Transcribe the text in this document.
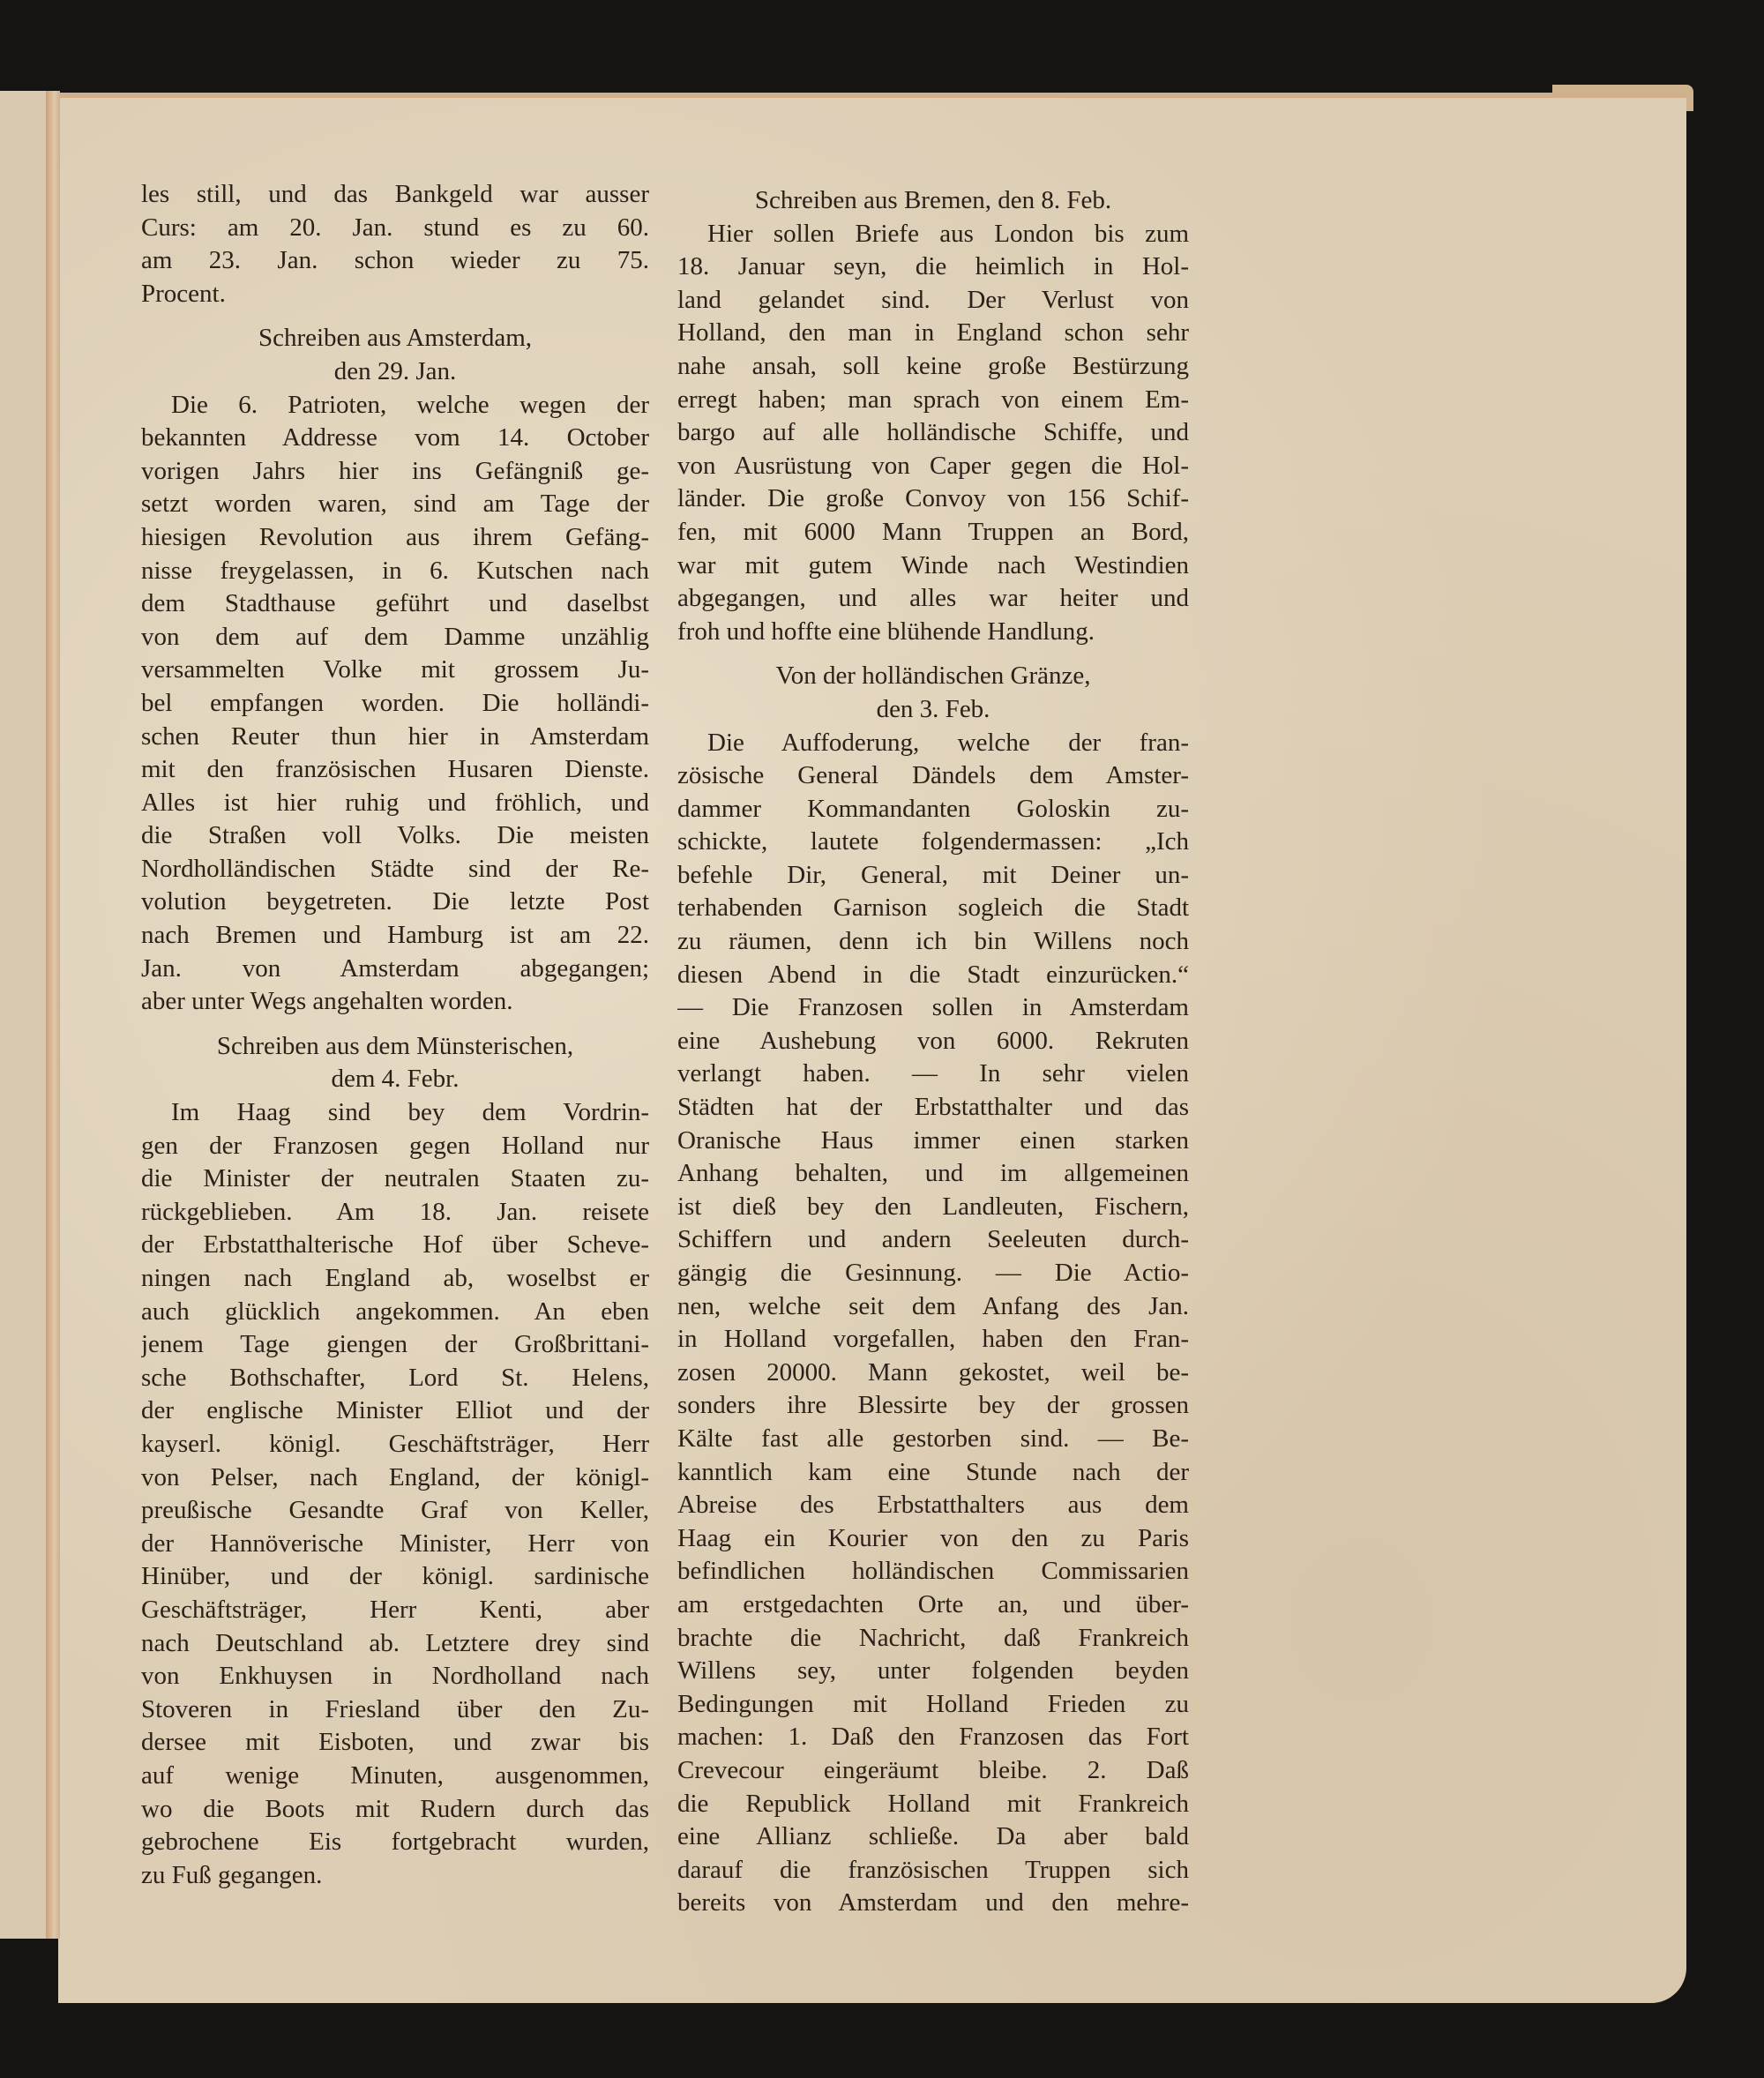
les still, und das Bankgeld war ausser
Curs: am 20. Jan. stund es zu 60.
am 23. Jan. schon wieder zu 75.
Procent.
Schreiben aus Amsterdam,
den 29. Jan.
Die 6. Patrioten, welche wegen der
bekannten Addresse vom 14. October
vorigen Jahrs hier ins Gefängniß ge-
setzt worden waren, sind am Tage der
hiesigen Revolution aus ihrem Gefäng-
nisse freygelassen, in 6. Kutschen nach
dem Stadthause geführt und daselbst
von dem auf dem Damme unzählig
versammelten Volke mit grossem Ju-
bel empfangen worden. Die holländi-
schen Reuter thun hier in Amsterdam
mit den französischen Husaren Dienste.
Alles ist hier ruhig und fröhlich, und
die Straßen voll Volks. Die meisten
Nordholländischen Städte sind der Re-
volution beygetreten. Die letzte Post
nach Bremen und Hamburg ist am 22.
Jan. von Amsterdam abgegangen;
aber unter Wegs angehalten worden.
Schreiben aus dem Münsterischen,
dem 4. Febr.
Im Haag sind bey dem Vordrin-
gen der Franzosen gegen Holland nur
die Minister der neutralen Staaten zu-
rückgeblieben. Am 18. Jan. reisete
der Erbstatthalterische Hof über Scheve-
ningen nach England ab, woselbst er
auch glücklich angekommen. An eben
jenem Tage giengen der Großbrittani-
sche Bothschafter, Lord St. Helens,
der englische Minister Elliot und der
kayserl. königl. Geschäftsträger, Herr
von Pelser, nach England, der königl-
preußische Gesandte Graf von Keller,
der Hannöverische Minister, Herr von
Hinüber, und der königl. sardinische
Geschäftsträger, Herr Kenti, aber
nach Deutschland ab. Letztere drey sind
von Enkhuysen in Nordholland nach
Stoveren in Friesland über den Zu-
dersee mit Eisboten, und zwar bis
auf wenige Minuten, ausgenommen,
wo die Boots mit Rudern durch das
gebrochene Eis fortgebracht wurden,
zu Fuß gegangen.
Schreiben aus Bremen, den 8. Feb.
Hier sollen Briefe aus London bis zum
18. Januar seyn, die heimlich in Hol-
land gelandet sind. Der Verlust von
Holland, den man in England schon sehr
nahe ansah, soll keine große Bestürzung
erregt haben; man sprach von einem Em-
bargo auf alle holländische Schiffe, und
von Ausrüstung von Caper gegen die Hol-
länder. Die große Convoy von 156 Schif-
fen, mit 6000 Mann Truppen an Bord,
war mit gutem Winde nach Westindien
abgegangen, und alles war heiter und
froh und hoffte eine blühende Handlung.
Von der holländischen Gränze,
den 3. Feb.
Die Auffoderung, welche der fran-
zösische General Dändels dem Amster-
dammer Kommandanten Goloskin zu-
schickte, lautete folgendermassen: „Ich
befehle Dir, General, mit Deiner un-
terhabenden Garnison sogleich die Stadt
zu räumen, denn ich bin Willens noch
diesen Abend in die Stadt einzurücken.“
— Die Franzosen sollen in Amsterdam
eine Aushebung von 6000. Rekruten
verlangt haben. — In sehr vielen
Städten hat der Erbstatthalter und das
Oranische Haus immer einen starken
Anhang behalten, und im allgemeinen
ist dieß bey den Landleuten, Fischern,
Schiffern und andern Seeleuten durch-
gängig die Gesinnung. — Die Actio-
nen, welche seit dem Anfang des Jan.
in Holland vorgefallen, haben den Fran-
zosen 20000. Mann gekostet, weil be-
sonders ihre Blessirte bey der grossen
Kälte fast alle gestorben sind. — Be-
kanntlich kam eine Stunde nach der
Abreise des Erbstatthalters aus dem
Haag ein Kourier von den zu Paris
befindlichen holländischen Commissarien
am erstgedachten Orte an, und über-
brachte die Nachricht, daß Frankreich
Willens sey, unter folgenden beyden
Bedingungen mit Holland Frieden zu
machen: 1. Daß den Franzosen das Fort
Crevecour eingeräumt bleibe. 2. Daß
die Republick Holland mit Frankreich
eine Allianz schließe. Da aber bald
darauf die französischen Truppen sich
bereits von Amsterdam und den mehre-
